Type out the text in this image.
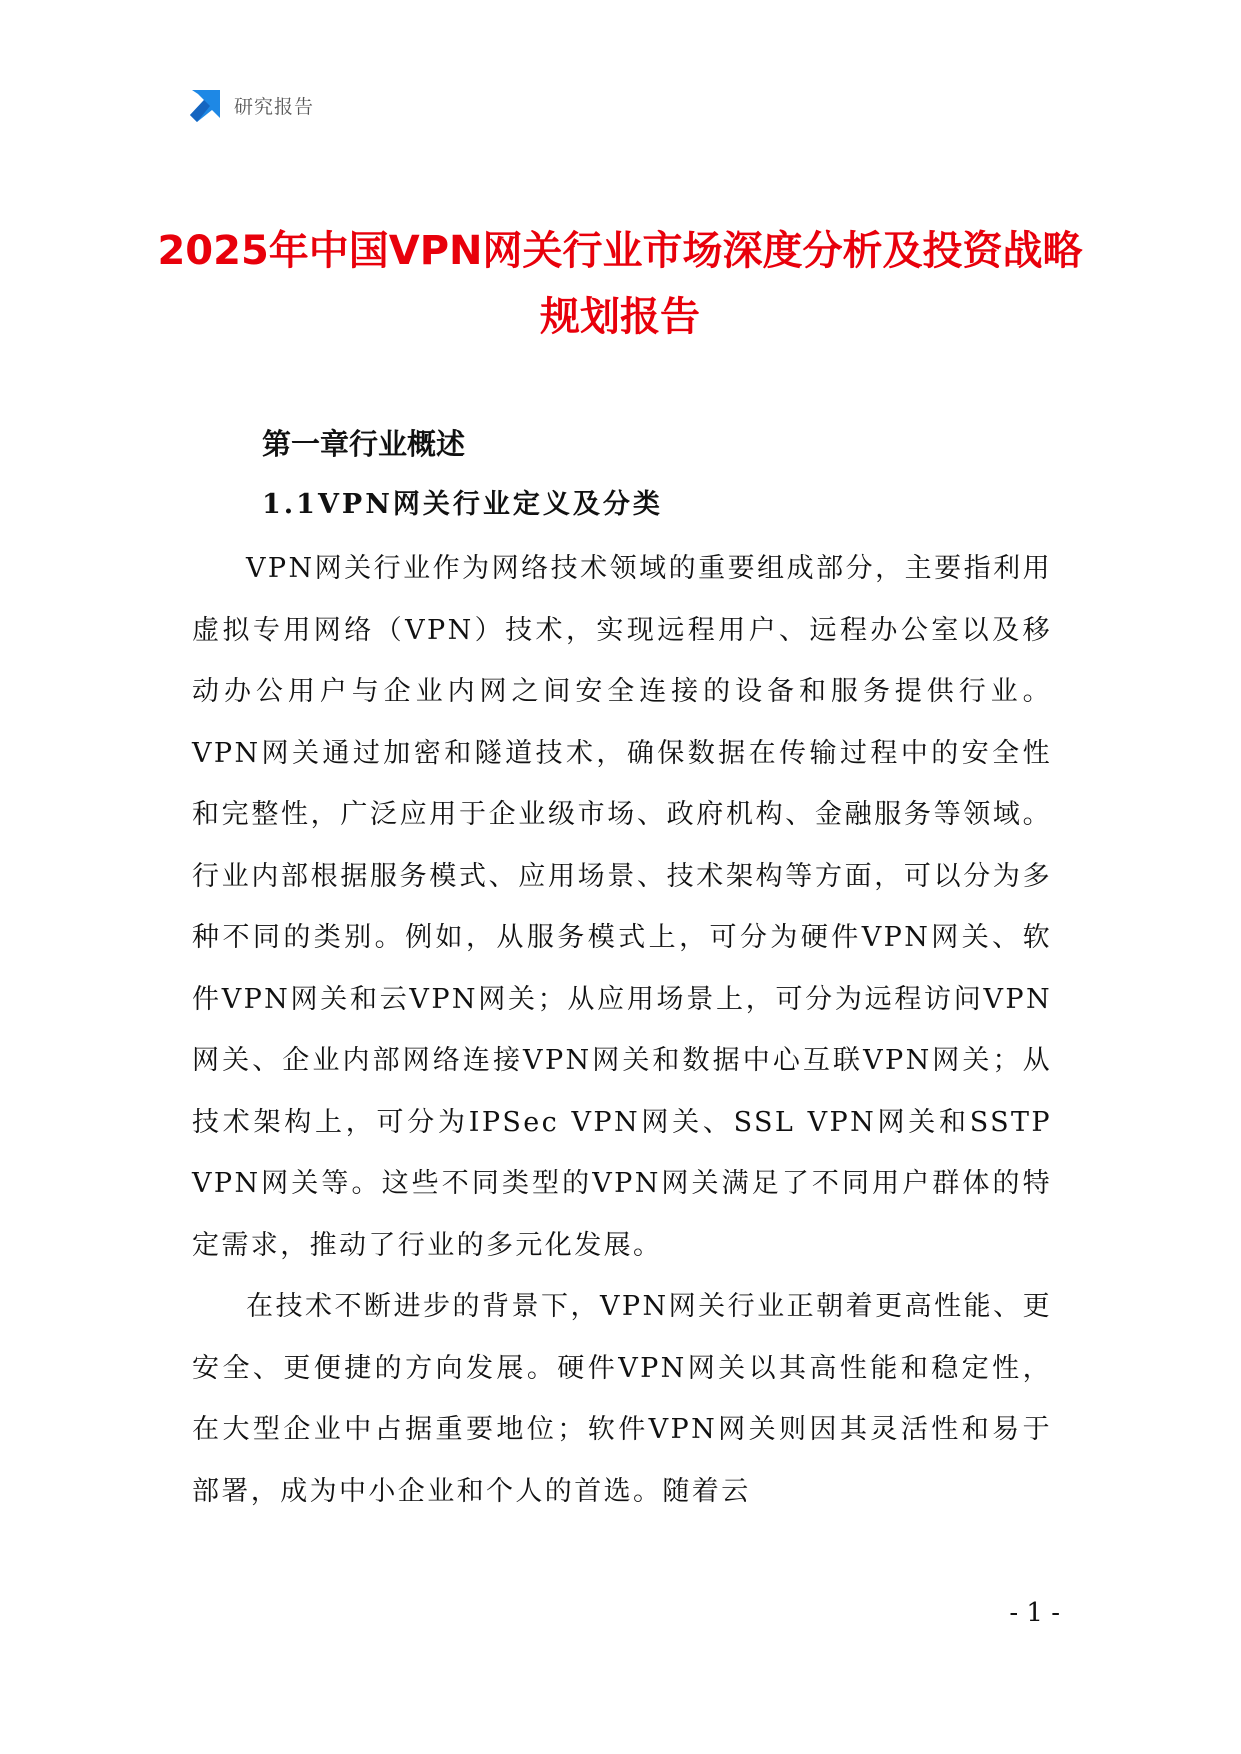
研究报告
2025年中国VPN网关行业市场深度分析及投资战略规划报告
第一章行业概述
1.1VPN网关行业定义及分类

VPN网关行业作为网络技术领域的重要组成部分，主要指利用虚拟专用网络（VPN）技术，实现远程用户、远程办公室以及移动办公用户与企业内网之间安全连接的设备和服务提供行业。VPN网关通过加密和隧道技术，确保数据在传输过程中的安全性和完整性，广泛应用于企业级市场、政府机构、金融服务等领域。行业内部根据服务模式、应用场景、技术架构等方面，可以分为多种不同的类别。例如，从服务模式上，可分为硬件VPN网关、软件VPN网关和云VPN网关；从应用场景上，可分为远程访问VPN网关、企业内部网络连接VPN网关和数据中心互联VPN网关；从技术架构上，可分为IPSec VPN网关、SSL VPN网关和SSTP VPN网关等。这些不同类型的VPN网关满足了不同用户群体的特定需求，推动了行业的多元化发展。

在技术不断进步的背景下，VPN网关行业正朝着更高性能、更安全、更便捷的方向发展。硬件VPN网关以其高性能和稳定性，在大型企业中占据重要地位；软件VPN网关则因其灵活性和易于部署，成为中小企业和个人的首选。随着云

- 1 -
